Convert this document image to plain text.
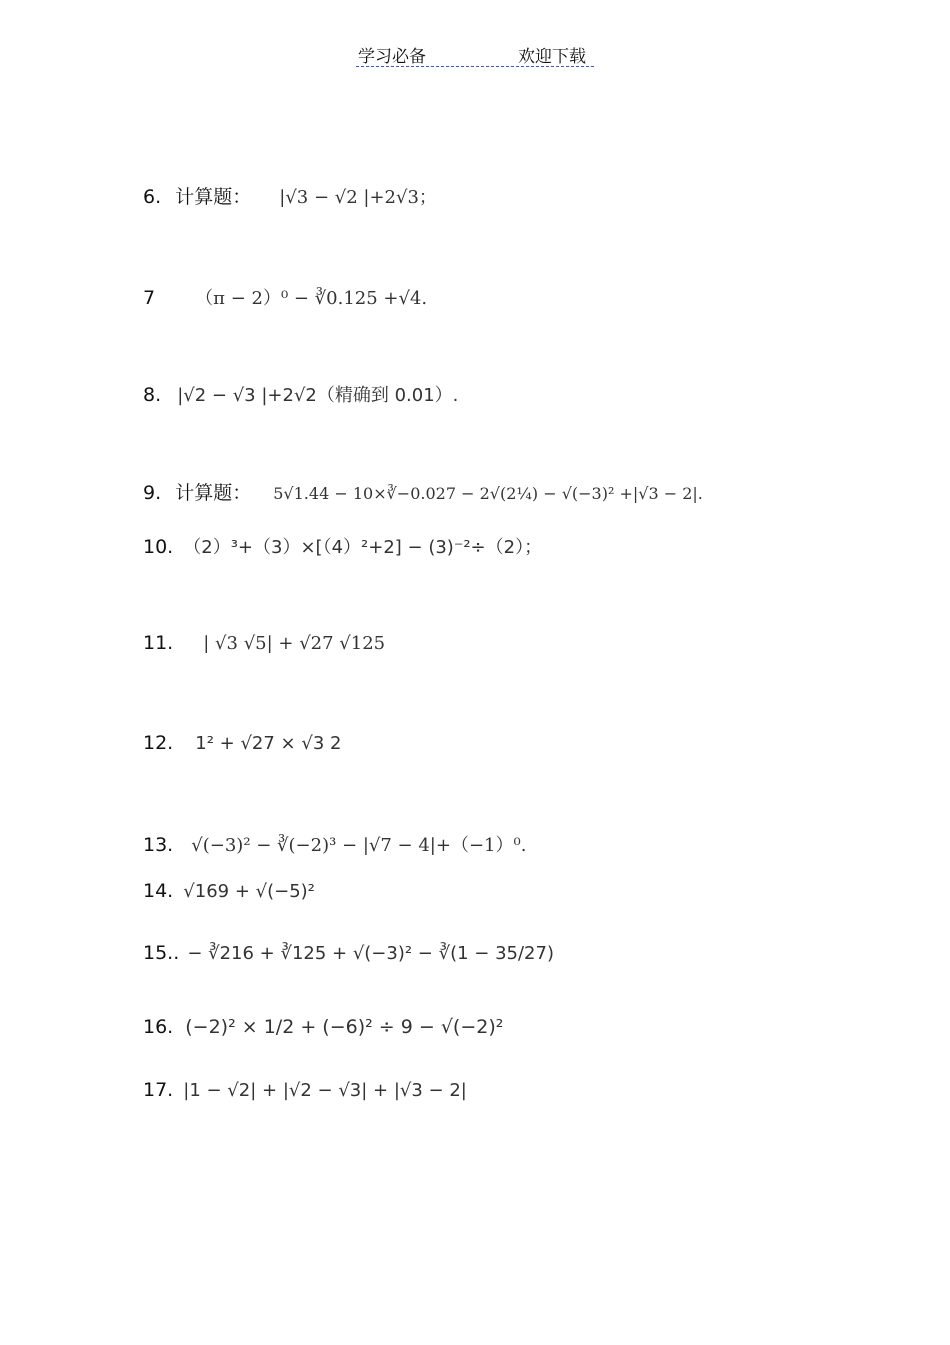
学习必备	欢迎下载
6. 计算题： |√3 − √2 |+2√3；
7 （π − 2）⁰ − ∛0.125 +√4.
8. |√2 − √3 |+2√2（精确到 0.01）.
9. 计算题： 5√1.44 − 10×∛−0.027 − 2√(2¼) − √(−3)² +|√3 − 2|.
10. （2）³+（3）×[（4）²+2] − (3)⁻²÷（2）；
11. | √3 √5| + √27 √125
12. 1² + √27 × √3 2
13. √(−3)² − ∛(−2)³ − |√7 − 4|+（−1）⁰.
14. √169 + √(−5)²
15.. − ∛216 + ∛125 + √(−3)² − ∛(1 − 35/27)
16. (−2)² × 1/2 + (−6)² ÷ 9 − √(−2)²
17. |1 − √2| + |√2 − √3| + |√3 − 2|
